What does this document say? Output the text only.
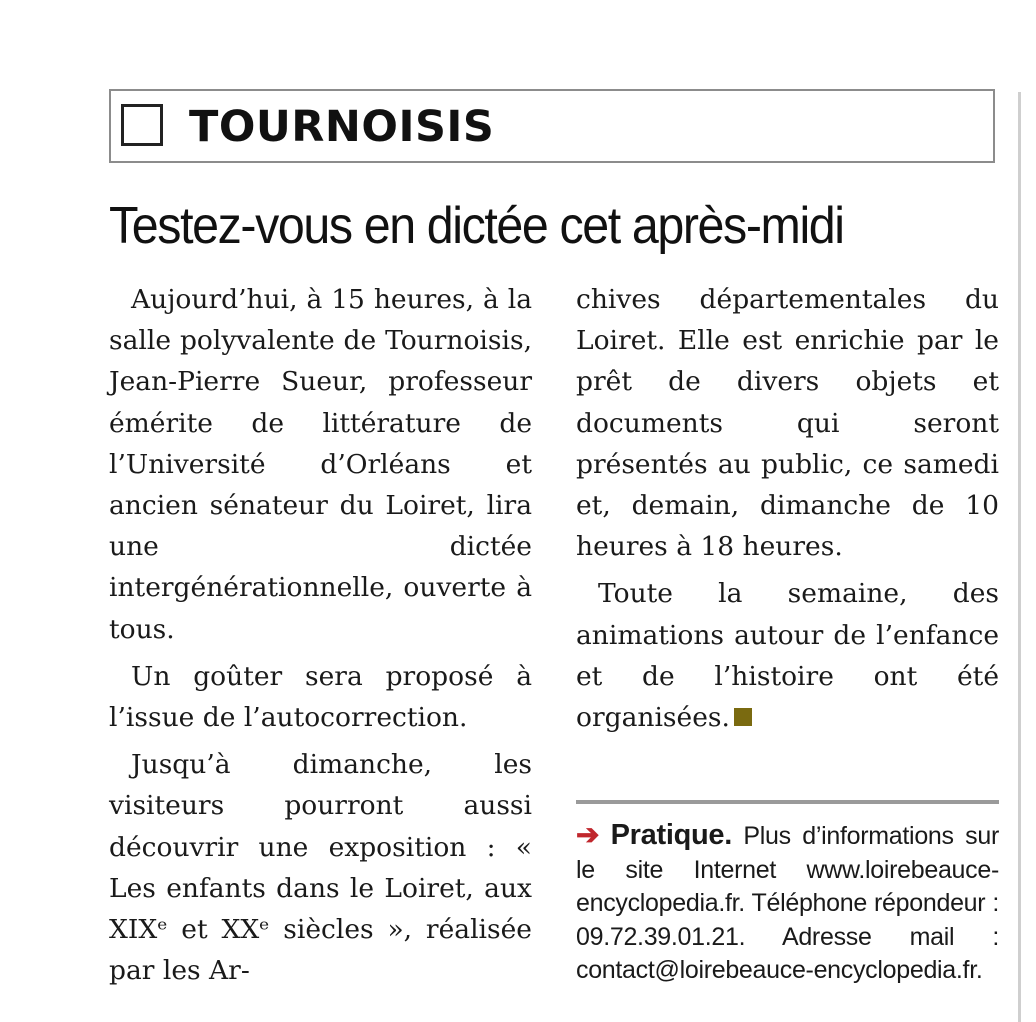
TOURNOISIS
Testez-vous en dictée cet après-midi

Aujourd’hui, à 15 heures, à la salle polyvalente de Tournoisis, Jean-Pierre Sueur, professeur émérite de littérature de l’Université d’Orléans et ancien sénateur du Loiret, lira une dictée intergénérationnelle, ouverte à tous.

Un goûter sera proposé à l’issue de l’autocorrection.

Jusqu’à dimanche, les visiteurs pourront aussi découvrir une exposition : « Les enfants dans le Loiret, aux XIXᵉ et XXᵉ siècles », réalisée par les Ar-

chives départementales du Loiret. Elle est enrichie par le prêt de divers objets et documents qui seront présentés au public, ce samedi et, demain, dimanche de 10 heures à 18 heures.

Toute la semaine, des animations autour de l’enfance et de l’histoire ont été organisées.

➔ Pratique. Plus d’informations sur le site Internet www.loirebeauce-encyclopedia.fr. Téléphone répondeur : 09.72.39.01.21. Adresse mail : contact@loirebeauce-encyclopedia.fr.
